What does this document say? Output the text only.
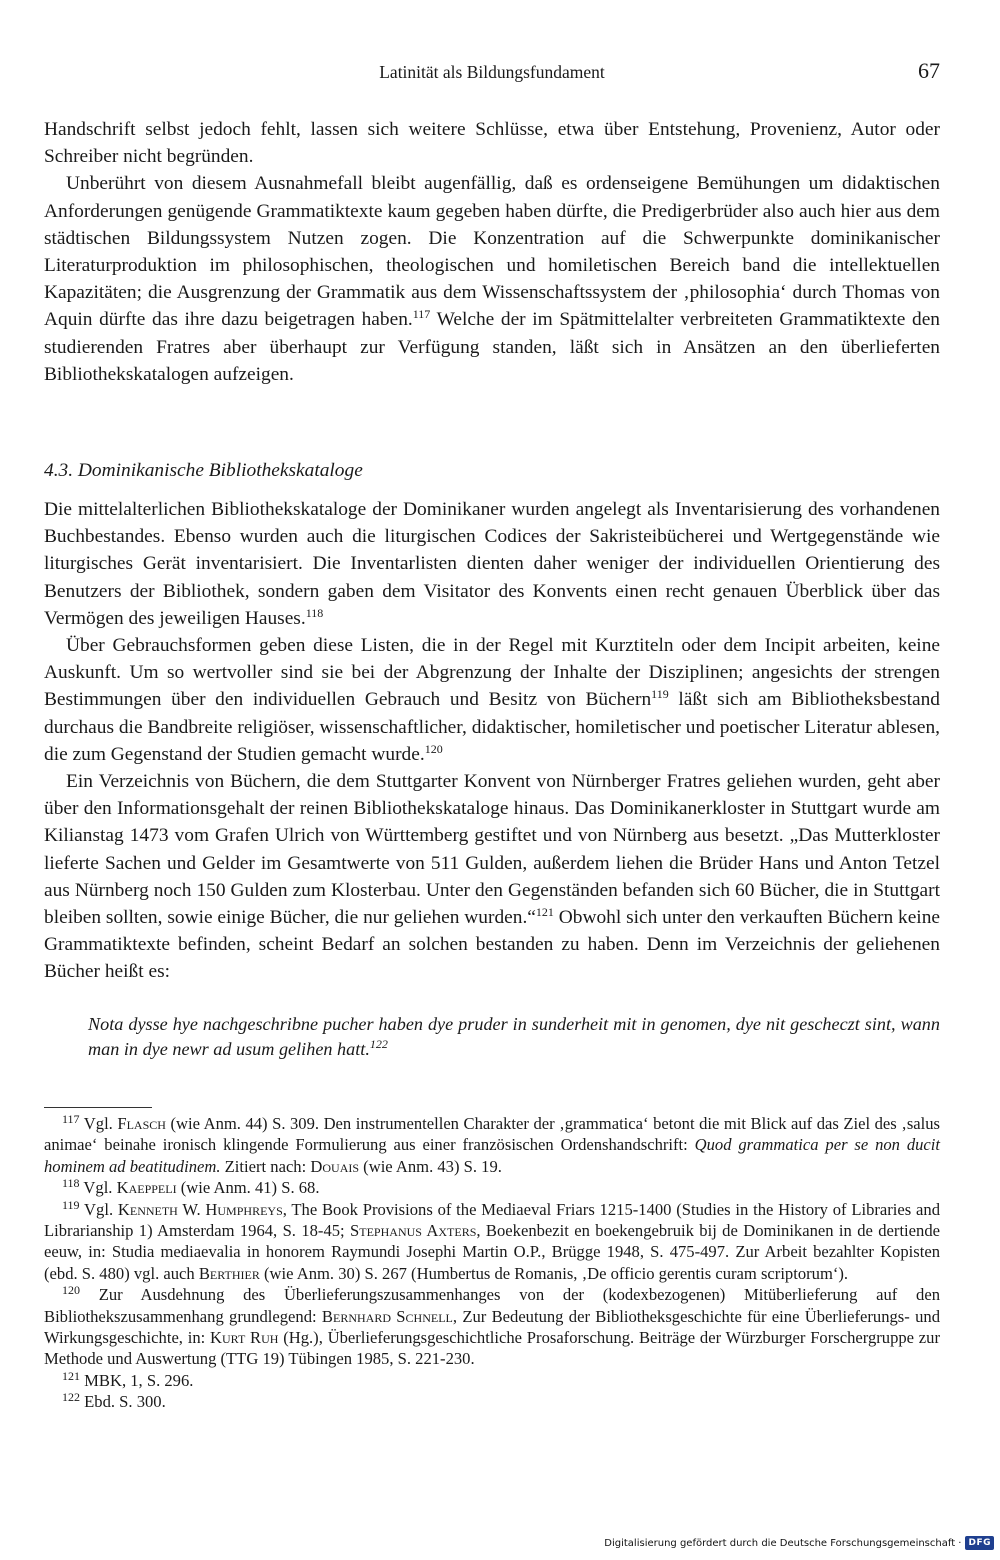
Latinität als Bildungsfundament	67

Handschrift selbst jedoch fehlt, lassen sich weitere Schlüsse, etwa über Entstehung, Provenienz, Autor oder Schreiber nicht begründen.

Unberührt von diesem Ausnahmefall bleibt augenfällig, daß es ordenseigene Bemühungen um didaktischen Anforderungen genügende Grammatiktexte kaum gegeben haben dürfte, die Predigerbrüder also auch hier aus dem städtischen Bildungssystem Nutzen zogen. Die Konzentration auf die Schwerpunkte dominikanischer Literaturproduktion im philosophischen, theologischen und homiletischen Bereich band die intellektuellen Kapazitäten; die Ausgrenzung der Grammatik aus dem Wissenschaftssystem der ‚philosophia‘ durch Thomas von Aquin dürfte das ihre dazu beigetragen haben.$^{117}$ Welche der im Spätmittelalter verbreiteten Grammatiktexte den studierenden Fratres aber überhaupt zur Verfügung standen, läßt sich in Ansätzen an den überlieferten Bibliothekskatalogen aufzeigen.

4.3. Dominikanische Bibliothekskataloge

Die mittelalterlichen Bibliothekskataloge der Dominikaner wurden angelegt als Inventarisierung des vorhandenen Buchbestandes. Ebenso wurden auch die liturgischen Codices der Sakristeibücherei und Wertgegenstände wie liturgisches Gerät inventarisiert. Die Inventarlisten dienten daher weniger der individuellen Orientierung des Benutzers der Bibliothek, sondern gaben dem Visitator des Konvents einen recht genauen Überblick über das Vermögen des jeweiligen Hauses.$^{118}$

Über Gebrauchsformen geben diese Listen, die in der Regel mit Kurztiteln oder dem Incipit arbeiten, keine Auskunft. Um so wertvoller sind sie bei der Abgrenzung der Inhalte der Disziplinen; angesichts der strengen Bestimmungen über den individuellen Gebrauch und Besitz von Büchern$^{119}$ läßt sich am Bibliotheksbestand durchaus die Bandbreite religiöser, wissenschaftlicher, didaktischer, homiletischer und poetischer Literatur ablesen, die zum Gegenstand der Studien gemacht wurde.$^{120}$

Ein Verzeichnis von Büchern, die dem Stuttgarter Konvent von Nürnberger Fratres geliehen wurden, geht aber über den Informationsgehalt der reinen Bibliothekskataloge hinaus. Das Dominikanerkloster in Stuttgart wurde am Kilianstag 1473 vom Grafen Ulrich von Württemberg gestiftet und von Nürnberg aus besetzt. „Das Mutterkloster lieferte Sachen und Gelder im Gesamtwerte von 511 Gulden, außerdem liehen die Brüder Hans und Anton Tetzel aus Nürnberg noch 150 Gulden zum Klosterbau. Unter den Gegenständen befanden sich 60 Bücher, die in Stuttgart bleiben sollten, sowie einige Bücher, die nur geliehen wurden.“$^{121}$ Obwohl sich unter den verkauften Büchern keine Grammatiktexte befinden, scheint Bedarf an solchen bestanden zu haben. Denn im Verzeichnis der geliehenen Bücher heißt es:

Nota dysse hye nachgeschribne pucher haben dye pruder in sunderheit mit in genomen, dye nit gescheczt sint, wann man in dye newr ad usum gelihen hatt.$^{122}$

$^{117}$ Vgl. Flasch (wie Anm. 44) S. 309. Den instrumentellen Charakter der ‚grammatica‘ betont die mit Blick auf das Ziel des ‚salus animae‘ beinahe ironisch klingende Formulierung aus einer französischen Ordenshandschrift: Quod grammatica per se non ducit hominem ad beatitudinem. Zitiert nach: Douais (wie Anm. 43) S. 19.

$^{118}$ Vgl. Kaeppeli (wie Anm. 41) S. 68.

$^{119}$ Vgl. Kenneth W. Humphreys, The Book Provisions of the Mediaeval Friars 1215-1400 (Studies in the History of Libraries and Librarianship 1) Amsterdam 1964, S. 18-45; Stephanus Axters, Boekenbezit en boekengebruik bij de Dominikanen in de dertiende eeuw, in: Studia mediaevalia in honorem Raymundi Josephi Martin O.P., Brügge 1948, S. 475-497. Zur Arbeit bezahlter Kopisten (ebd. S. 480) vgl. auch Berthier (wie Anm. 30) S. 267 (Humbertus de Romanis, ‚De officio gerentis curam scriptorum‘).

$^{120}$ Zur Ausdehnung des Überlieferungszusammenhanges von der (kodexbezogenen) Mitüberlieferung auf den Bibliothekszusammenhang grundlegend: Bernhard Schnell, Zur Bedeutung der Bibliotheksgeschichte für eine Überlieferungs- und Wirkungsgeschichte, in: Kurt Ruh (Hg.), Überlieferungsgeschichtliche Prosaforschung. Beiträge der Würzburger Forschergruppe zur Methode und Auswertung (TTG 19) Tübingen 1985, S. 221-230.

$^{121}$ MBK, 1, S. 296.

$^{122}$ Ebd. S. 300.

Digitalisierung gefördert durch die Deutsche Forschungsgemeinschaft · DFG
